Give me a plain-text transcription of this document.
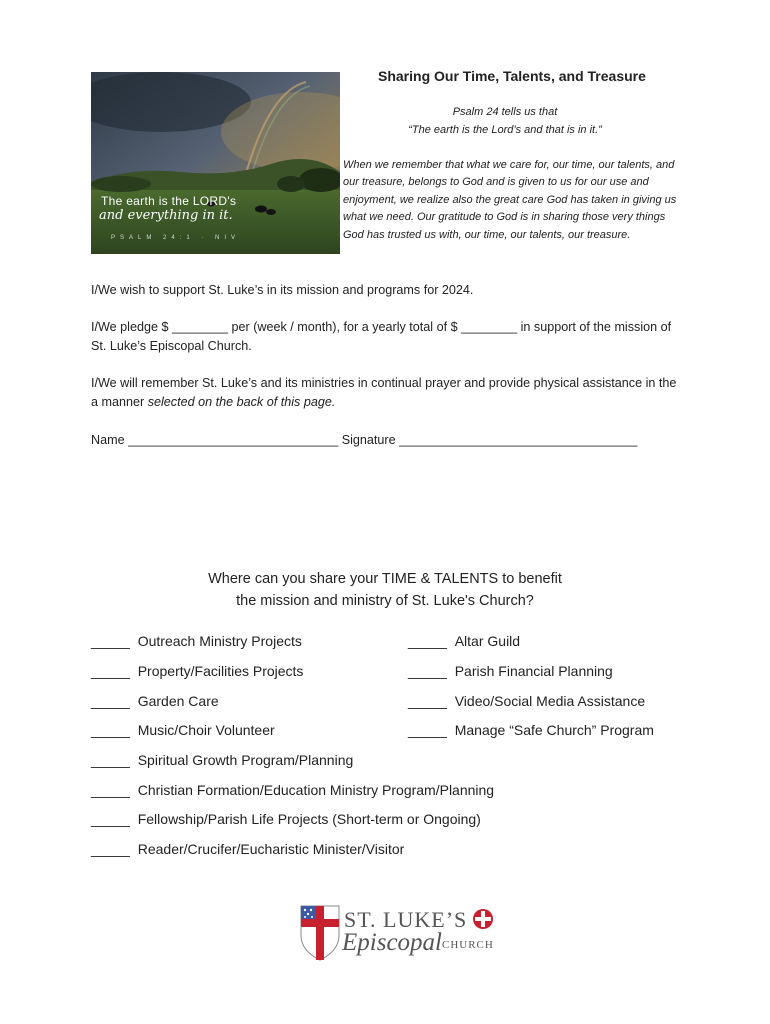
The earth is the LORD's
and everything in it.
PSALM 24:1 · NIV
Sharing Our Time, Talents, and Treasure
Psalm 24 tells us that
“The earth is the Lord’s and that is in it.”
When we remember that what we care for, our time, our talents, and our treasure, belongs to God and is given to us for our use and enjoyment, we realize also the great care God has taken in giving us what we need. Our gratitude to God is in sharing those very things God has trusted us with, our time, our talents, our treasure.
I/We wish to support St. Luke’s in its mission and programs for 2024.
I/We pledge $ ________ per (week / month), for a yearly total of $ ________ in support of the mission of St. Luke’s Episcopal Church.
I/We will remember St. Luke’s and its ministries in continual prayer and provide physical assistance in the a manner selected on the back of this page.
Name ______________________________ Signature __________________________________
Where can you share your TIME & TALENTS to benefit
the mission and ministry of St. Luke's Church?
_____ Outreach Ministry Projects
_____ Property/Facilities Projects
_____ Garden Care
_____ Music/Choir Volunteer
_____ Spiritual Growth Program/Planning
_____ Christian Formation/Education Ministry Program/Planning
_____ Fellowship/Parish Life Projects (Short-term or Ongoing)
_____ Reader/Crucifer/Eucharistic Minister/Visitor
_____ Altar Guild
_____ Parish Financial Planning
_____ Video/Social Media Assistance
_____ Manage “Safe Church” Program
ST. LUKE’S
Episcopal CHURCH
